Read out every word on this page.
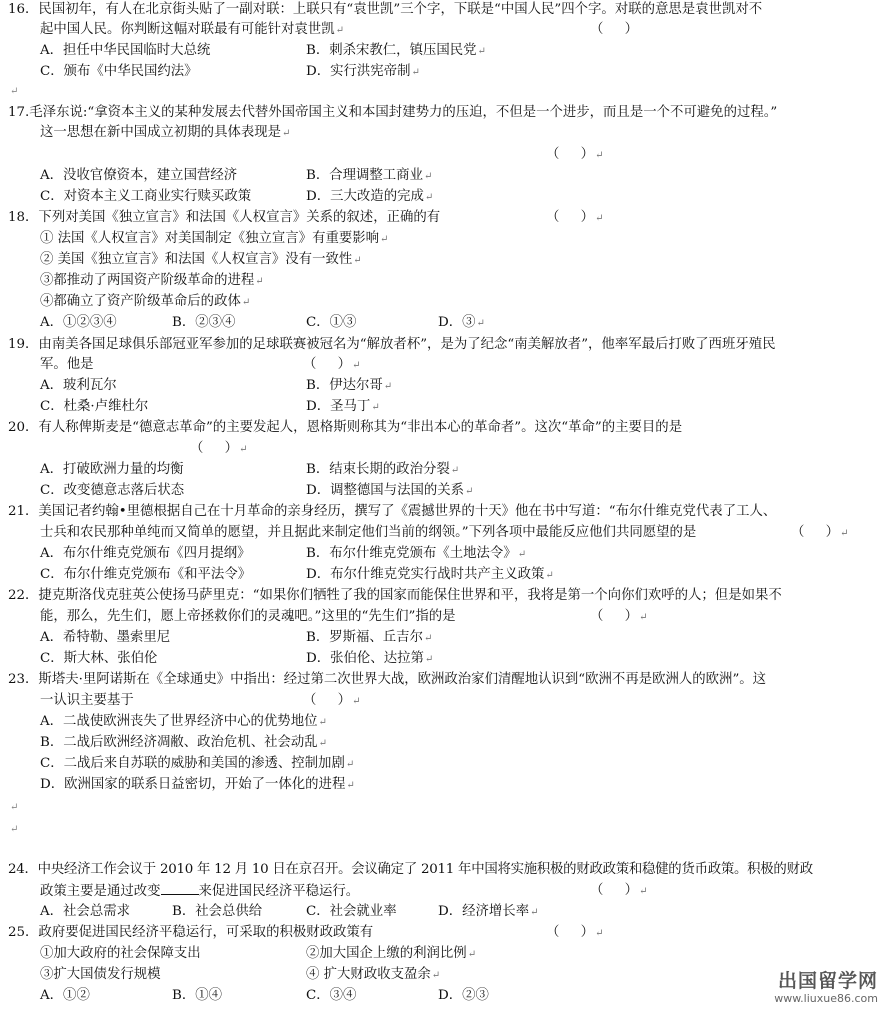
16．民国初年，有人在北京街头贴了一副对联：上联只有“袁世凯”三个字，下联是“中国人民”四个字。对联的意思是袁世凯对不
起中国人民。你判断这幅对联最有可能针对袁世凯↵	（     ）
A．担任中华民国临时大总统	B．刺杀宋教仁，镇压国民党↵
C．颁布《中华民国约法》	D．实行洪宪帝制↵
↵
17.毛泽东说:“拿资本主义的某种发展去代替外国帝国主义和本国封建势力的压迫，不但是一个进步，而且是一个不可避免的过程。”
这一思想在新中国成立初期的具体表现是↵
（     ）↵
A．没收官僚资本，建立国营经济	B．合理调整工商业↵
C．对资本主义工商业实行赎买政策	D．三大改造的完成↵
18．下列对美国《独立宣言》和法国《人权宣言》关系的叙述，正确的有	（     ）↵
① 法国《人权宣言》对美国制定《独立宣言》有重要影响↵
② 美国《独立宣言》和法国《人权宣言》没有一致性↵
③都推动了两国资产阶级革命的进程↵
④都确立了资产阶级革命后的政体↵
A．①②③④	B．②③④	C．①③	D．③↵
19．由南美各国足球俱乐部冠亚军参加的足球联赛被冠名为“解放者杯”，是为了纪念“南美解放者”，他率军最后打败了西班牙殖民
军。他是	（     ）↵
A．玻利瓦尔	B．伊达尔哥↵
C．杜桑·卢维杜尔	D．圣马丁↵
20．有人称俾斯麦是“德意志革命”的主要发起人，恩格斯则称其为“非出本心的革命者”。这次“革命”的主要目的是
（     ）↵
A．打破欧洲力量的均衡	B．结束长期的政治分裂↵
C．改变德意志落后状态	D．调整德国与法国的关系↵
21．美国记者约翰•里德根据自己在十月革命的亲身经历，撰写了《震撼世界的十天》他在书中写道：“布尔什维克党代表了工人、
士兵和农民那种单纯而又简单的愿望，并且据此来制定他们当前的纲领。”下列各项中最能反应他们共同愿望的是	（     ）↵
A．布尔什维克党颁布《四月提纲》	B．布尔什维克党颁布《土地法令》↵
C．布尔什维克党颁布《和平法令》	D．布尔什维克党实行战时共产主义政策↵
22．捷克斯洛伐克驻英公使扬马萨里克：“如果你们牺牲了我的国家而能保住世界和平，我将是第一个向你们欢呼的人；但是如果不
能，那么，先生们，愿上帝拯救你们的灵魂吧。”这里的“先生们”指的是	（     ）↵
A．希特勒、墨索里尼	B．罗斯福、丘吉尔↵
C．斯大林、张伯伦	D．张伯伦、达拉第↵
23．斯塔夫·里阿诺斯在《全球通史》中指出：经过第二次世界大战，欧洲政治家们清醒地认识到“欧洲不再是欧洲人的欧洲”。这
一认识主要基于	（     ）↵
A．二战使欧洲丧失了世界经济中心的优势地位↵
B．二战后欧洲经济凋敝、政治危机、社会动乱↵
C．二战后来自苏联的威胁和美国的渗透、控制加剧↵
D．欧洲国家的联系日益密切，开始了一体化的进程↵
↵
↵
24．中央经济工作会议于 2010 年 12 月 10 日在京召开。会议确定了 2011 年中国将实施积极的财政政策和稳健的货币政策。积极的财政
政策主要是通过改变	来促进国民经济平稳运行。	（     ）↵
A．社会总需求	B．社会总供给	C．社会就业率	D．经济增长率↵
25．政府要促进国民经济平稳运行，可采取的积极财政政策有	（     ）↵
①加大政府的社会保障支出	②加大国企上缴的利润比例↵
③扩大国债发行规模	④ 扩大财政收支盈余↵
A．①②	B．①④	C．③④	D．②③
出国留学网
www.liuxue86.com
